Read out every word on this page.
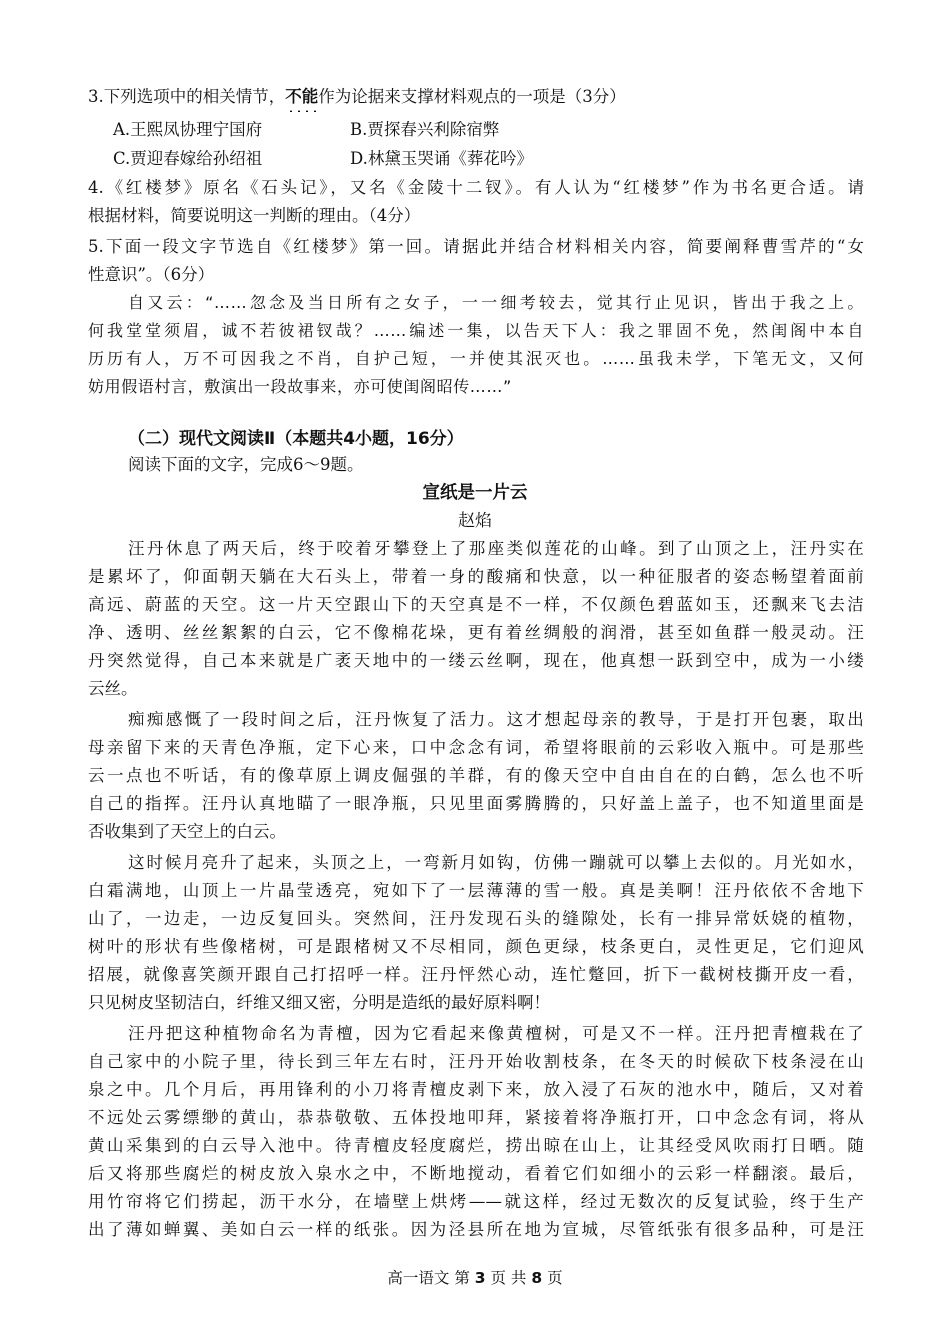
3.下列选项中的相关情节，不能作为论据来支撑材料观点的一项是（3分）
A.王熙凤协理宁国府	B.贾探春兴利除宿弊
C.贾迎春嫁给孙绍祖	D.林黛玉哭诵《葬花吟》
4.《红楼梦》原名《石头记》，又名《金陵十二钗》。有人认为“红楼梦”作为书名更合适。请
根据材料，简要说明这一判断的理由。（4分）
5.下面一段文字节选自《红楼梦》第一回。请据此并结合材料相关内容，简要阐释曹雪芹的“女
性意识”。（6分）
自又云：“……忽念及当日所有之女子，一一细考较去，觉其行止见识，皆出于我之上。
何我堂堂须眉，诚不若彼裙钗哉？……编述一集，以告天下人：我之罪固不免，然闺阁中本自
历历有人，万不可因我之不肖，自护己短，一并使其泯灭也。……虽我未学，下笔无文，又何
妨用假语村言，敷演出一段故事来，亦可使闺阁昭传……”
（二）现代文阅读Ⅱ（本题共4小题，16分）
阅读下面的文字，完成6～9题。
宣纸是一片云
赵焰
汪丹休息了两天后，终于咬着牙攀登上了那座类似莲花的山峰。到了山顶之上，汪丹实在
是累坏了，仰面朝天躺在大石头上，带着一身的酸痛和快意，以一种征服者的姿态畅望着面前
高远、蔚蓝的天空。这一片天空跟山下的天空真是不一样，不仅颜色碧蓝如玉，还飘来飞去洁
净、透明、丝丝絮絮的白云，它不像棉花垛，更有着丝绸般的润滑，甚至如鱼群一般灵动。汪
丹突然觉得，自己本来就是广袤天地中的一缕云丝啊，现在，他真想一跃到空中，成为一小缕
云丝。
痴痴感慨了一段时间之后，汪丹恢复了活力。这才想起母亲的教导，于是打开包裹，取出
母亲留下来的天青色净瓶，定下心来，口中念念有词，希望将眼前的云彩收入瓶中。可是那些
云一点也不听话，有的像草原上调皮倔强的羊群，有的像天空中自由自在的白鹤，怎么也不听
自己的指挥。汪丹认真地瞄了一眼净瓶，只见里面雾腾腾的，只好盖上盖子，也不知道里面是
否收集到了天空上的白云。
这时候月亮升了起来，头顶之上，一弯新月如钩，仿佛一蹦就可以攀上去似的。月光如水，
白霜满地，山顶上一片晶莹透亮，宛如下了一层薄薄的雪一般。真是美啊！汪丹依依不舍地下
山了，一边走，一边反复回头。突然间，汪丹发现石头的缝隙处，长有一排异常妖娆的植物，
树叶的形状有些像楮树，可是跟楮树又不尽相同，颜色更绿，枝条更白，灵性更足，它们迎风
招展，就像喜笑颜开跟自己打招呼一样。汪丹怦然心动，连忙蹩回，折下一截树枝撕开皮一看，
只见树皮坚韧洁白，纤维又细又密，分明是造纸的最好原料啊！
汪丹把这种植物命名为青檀，因为它看起来像黄檀树，可是又不一样。汪丹把青檀栽在了
自己家中的小院子里，待长到三年左右时，汪丹开始收割枝条，在冬天的时候砍下枝条浸在山
泉之中。几个月后，再用锋利的小刀将青檀皮剥下来，放入浸了石灰的池水中，随后，又对着
不远处云雾缥缈的黄山，恭恭敬敬、五体投地叩拜，紧接着将净瓶打开，口中念念有词，将从
黄山采集到的白云导入池中。待青檀皮轻度腐烂，捞出晾在山上，让其经受风吹雨打日晒。随
后又将那些腐烂的树皮放入泉水之中，不断地搅动，看着它们如细小的云彩一样翻滚。最后，
用竹帘将它们捞起，沥干水分，在墙壁上烘烤——就这样，经过无数次的反复试验，终于生产
出了薄如蝉翼、美如白云一样的纸张。因为泾县所在地为宣城，尽管纸张有很多品种，可是汪
高一语文 第 3 页 共 8 页
